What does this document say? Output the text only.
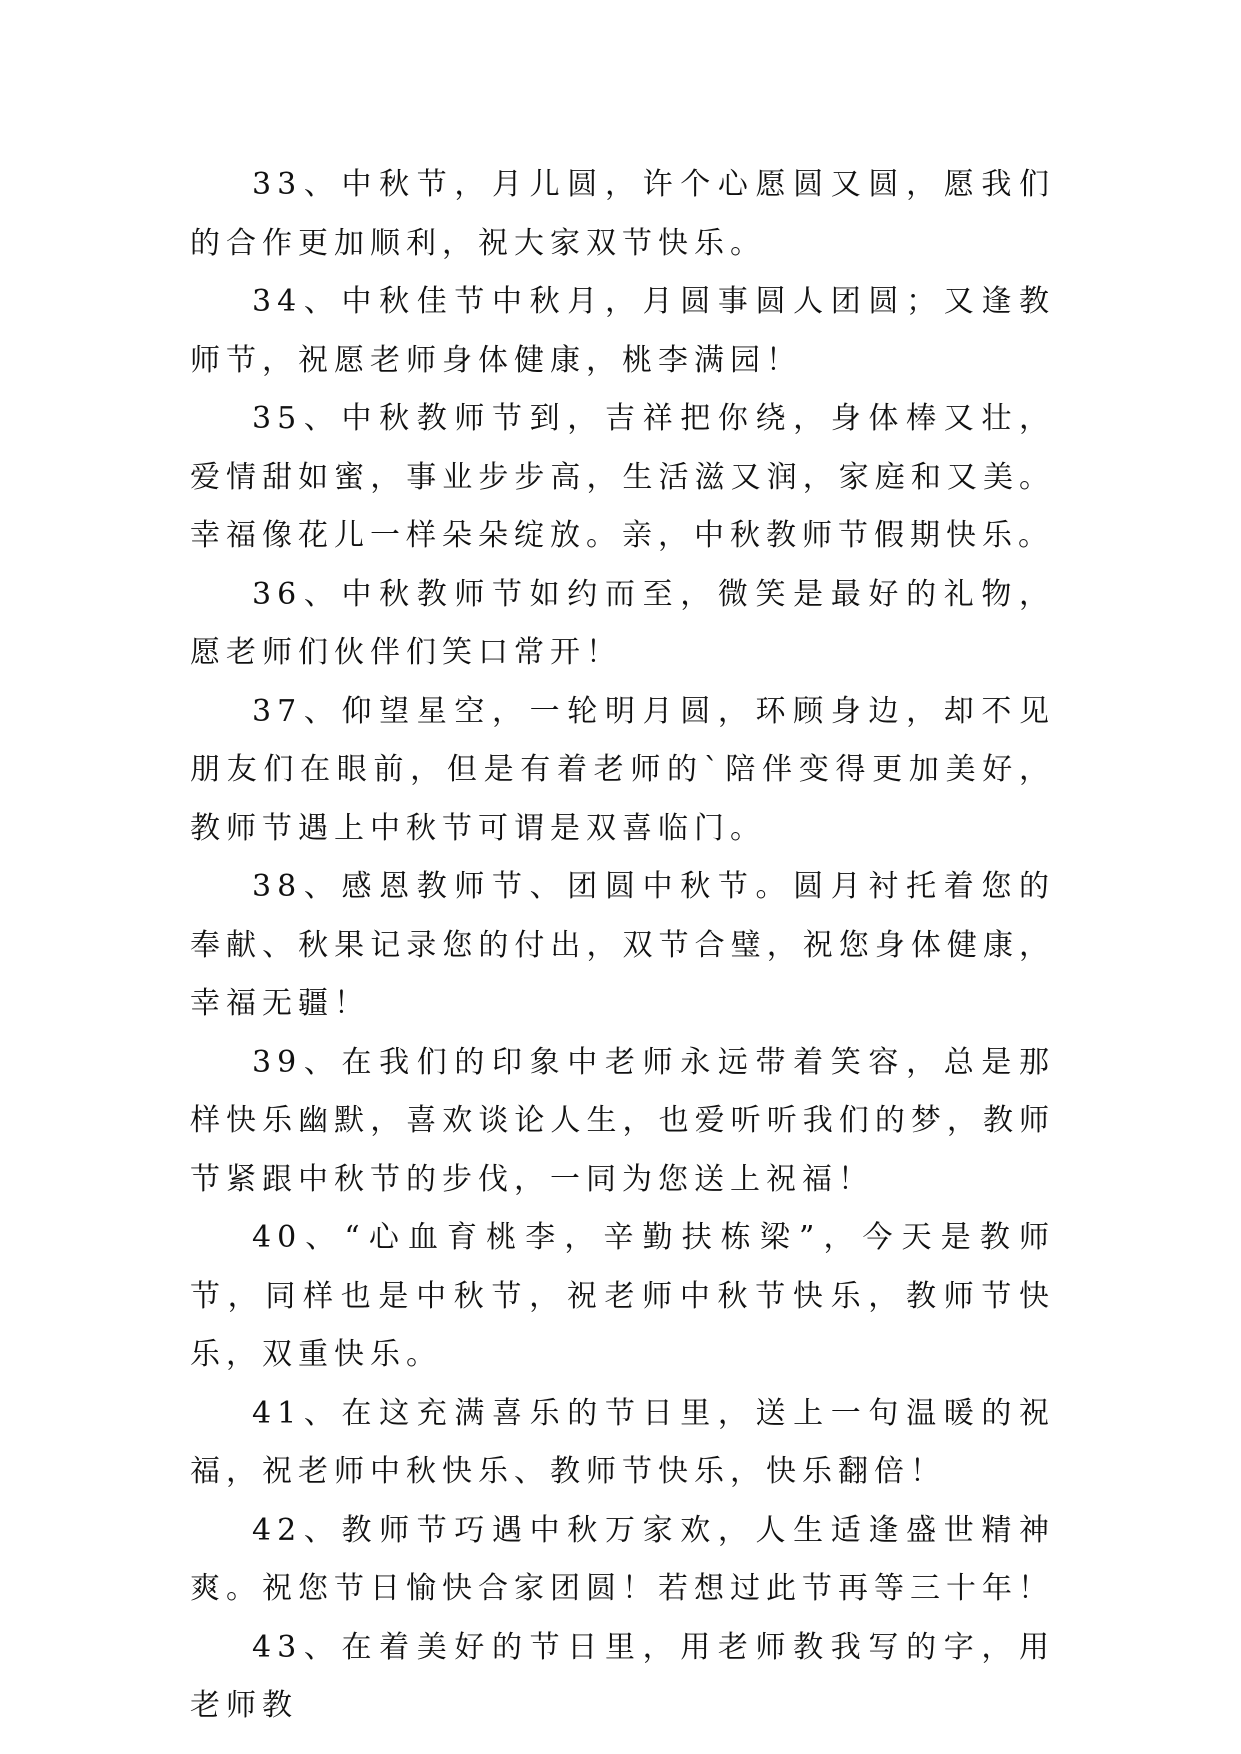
33、中秋节，月儿圆，许个心愿圆又圆，愿我们的合作更加顺利，祝大家双节快乐。

34、中秋佳节中秋月，月圆事圆人团圆；又逢教师节，祝愿老师身体健康，桃李满园！

35、中秋教师节到，吉祥把你绕，身体棒又壮，爱情甜如蜜，事业步步高，生活滋又润，家庭和又美。幸福像花儿一样朵朵绽放。亲，中秋教师节假期快乐。

36、中秋教师节如约而至，微笑是最好的礼物，愿老师们伙伴们笑口常开！

37、仰望星空，一轮明月圆，环顾身边，却不见朋友们在眼前，但是有着老师的`陪伴变得更加美好，教师节遇上中秋节可谓是双喜临门。

38、感恩教师节、团圆中秋节。圆月衬托着您的奉献、秋果记录您的付出，双节合璧，祝您身体健康，幸福无疆！

39、在我们的印象中老师永远带着笑容，总是那样快乐幽默，喜欢谈论人生，也爱听听我们的梦，教师节紧跟中秋节的步伐，一同为您送上祝福！

40、“心血育桃李，辛勤扶栋梁”，今天是教师节，同样也是中秋节，祝老师中秋节快乐，教师节快乐，双重快乐。

41、在这充满喜乐的节日里，送上一句温暖的祝福，祝老师中秋快乐、教师节快乐，快乐翻倍！

42、教师节巧遇中秋万家欢，人生适逢盛世精神爽。祝您节日愉快合家团圆！若想过此节再等三十年！

43、在着美好的节日里，用老师教我写的字，用老师教
